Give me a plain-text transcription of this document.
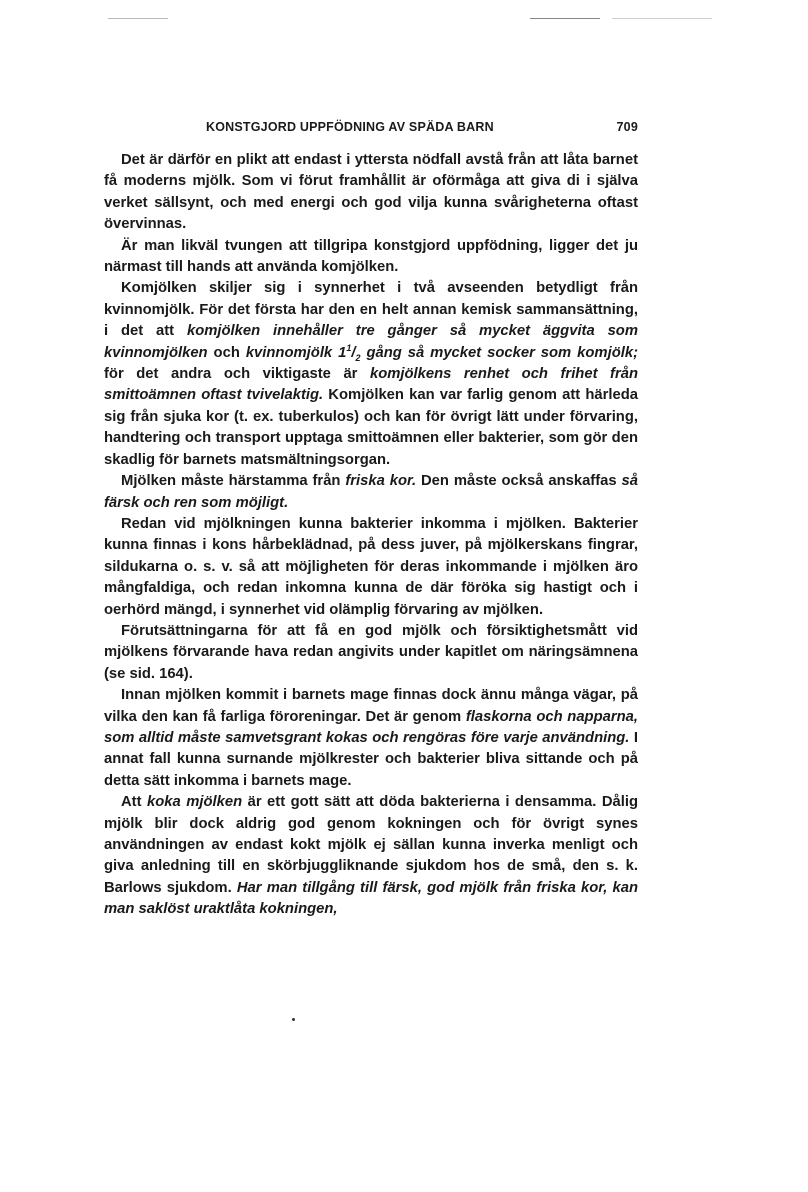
KONSTGJORD UPPFÖDNING AV SPÄDA BARN	709

Det är därför en plikt att endast i yttersta nödfall avstå från att låta barnet få moderns mjölk. Som vi förut framhållit är oförmåga att giva di i själva verket sällsynt, och med energi och god vilja kunna svårigheterna oftast övervinnas.

Är man likväl tvungen att tillgripa konstgjord uppfödning, ligger det ju närmast till hands att använda komjölken.

Komjölken skiljer sig i synnerhet i två avseenden betydligt från kvinnomjölk. För det första har den en helt annan kemisk sammansättning, i det att komjölken innehåller tre gånger så mycket äggvita som kvinnomjölken och kvinnomjölk $1^1/_2$ gång så mycket socker som komjölk; för det andra och viktigaste är komjölkens renhet och frihet från smittoämnen oftast tvivelaktig. Komjölken kan var farlig genom att härleda sig från sjuka kor (t. ex. tuberkulos) och kan för övrigt lätt under förvaring, handtering och transport upptaga smittoämnen eller bakterier, som gör den skadlig för barnets matsmältningsorgan.

Mjölken måste härstamma från friska kor. Den måste också anskaffas så färsk och ren som möjligt.

Redan vid mjölkningen kunna bakterier inkomma i mjölken. Bakterier kunna finnas i kons hårbeklädnad, på dess juver, på mjölkerskans fingrar, sildukarna o. s. v. så att möjligheten för deras inkommande i mjölken äro mångfaldiga, och redan inkomna kunna de där föröka sig hastigt och i oerhörd mängd, i synnerhet vid olämplig förvaring av mjölken.

Förutsättningarna för att få en god mjölk och försiktighetsmått vid mjölkens förvarande hava redan angivits under kapitlet om näringsämnena (se sid. 164).

Innan mjölken kommit i barnets mage finnas dock ännu många vägar, på vilka den kan få farliga föroreningar. Det är genom flaskorna och napparna, som alltid måste samvetsgrant kokas och rengöras före varje användning. I annat fall kunna surnande mjölkrester och bakterier bliva sittande och på detta sätt inkomma i barnets mage.

Att koka mjölken är ett gott sätt att döda bakterierna i densamma. Dålig mjölk blir dock aldrig god genom kokningen och för övrigt synes användningen av endast kokt mjölk ej sällan kunna inverka menligt och giva anledning till en skörbjuggliknande sjukdom hos de små, den s. k. Barlows sjukdom. Har man tillgång till färsk, god mjölk från friska kor, kan man saklöst uraktlåta kokningen,
